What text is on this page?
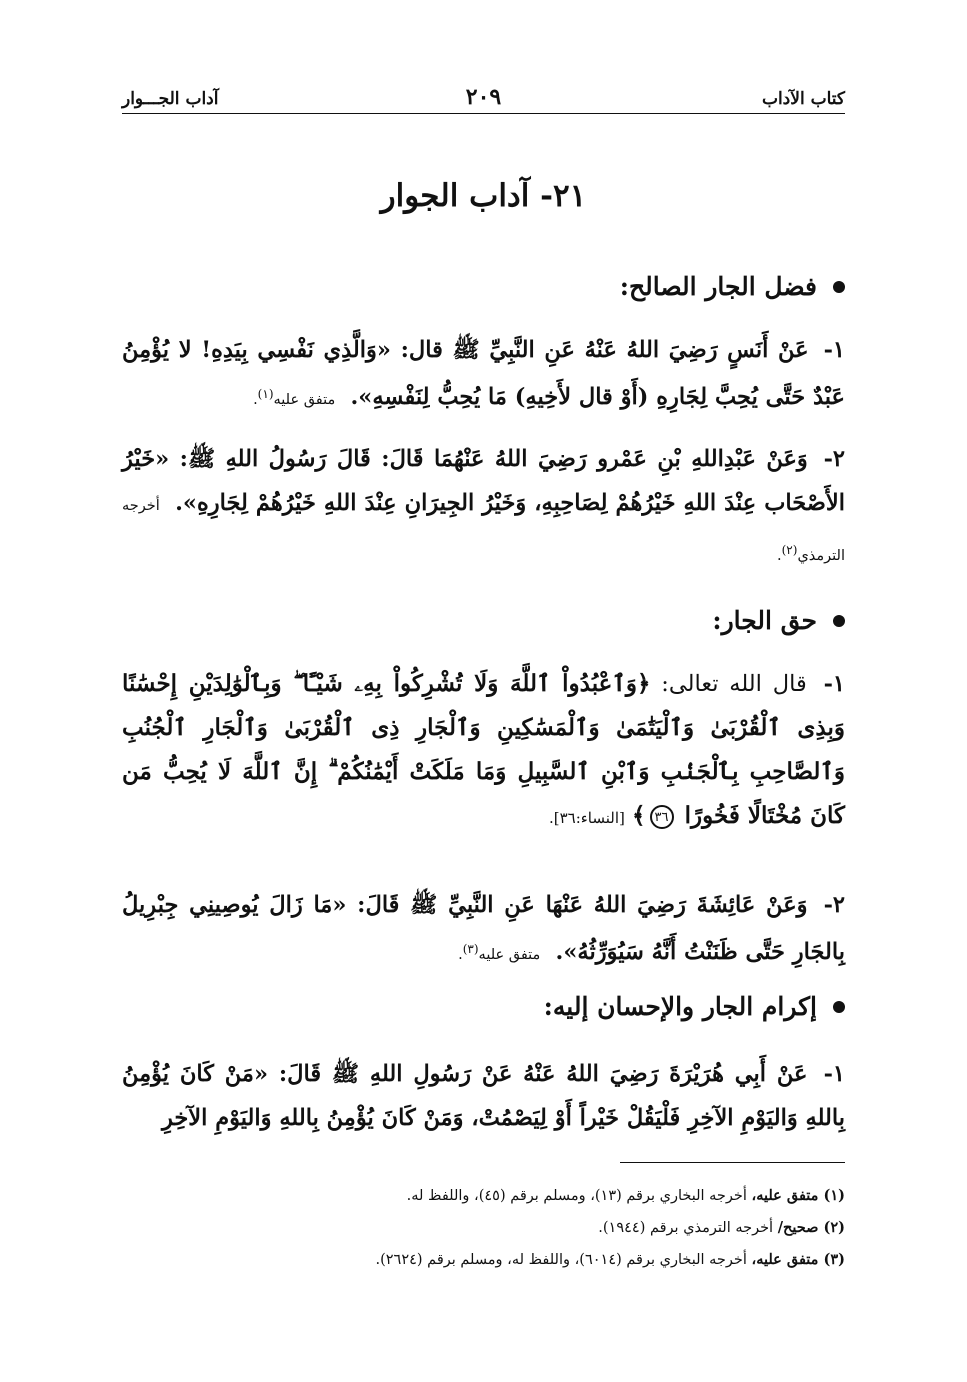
كتاب الآداب
٢٠٩
آداب الجـــوار
٢١- آداب الجوار
فضل الجار الصالح:
١- عَنْ أَنَسٍ رَضِيَ اللهُ عَنْهُ عَنِ النَّبِيِّ ﷺ قال: «وَالَّذِي نَفْسِي بِيَدِهِ! لا يُؤْمِنُ عَبْدٌ حَتَّى يُحِبَّ لِجَارِهِ (أَوْ قال لأَخِيهِ) مَا يُحِبُّ لِنَفْسِهِ». متفق عليه$^{(١)}$.
٢- وَعَنْ عَبْدِاللهِ بْنِ عَمْرو رَضِيَ اللهُ عَنْهُمَا قَالَ: قَالَ رَسُولُ اللهِ ﷺ: «خَيْرُ الأَصْحَاب عِنْدَ اللهِ خَيْرُهُمْ لِصَاحِبِهِ، وَخَيْرُ الجِيرَانِ عِنْدَ اللهِ خَيْرُهُمْ لِجَارِهِ». أخرجه الترمذي$^{(٢)}$.
حق الجار:
١- قال الله تعالى: ﴿وَٱعْبُدُواْ ٱللَّهَ وَلَا تُشْرِكُواْ بِهِۦ شَيْـًٔا ۖ وَبِٱلْوَٰلِدَيْنِ إِحْسَٰنًا وَبِذِى ٱلْقُرْبَىٰ وَٱلْيَتَٰمَىٰ وَٱلْمَسَٰكِينِ وَٱلْجَارِ ذِى ٱلْقُرْبَىٰ وَٱلْجَارِ ٱلْجُنُبِ وَٱلصَّاحِبِ بِٱلْجَنۢبِ وَٱبْنِ ٱلسَّبِيلِ وَمَا مَلَكَتْ أَيْمَٰنُكُمْ ۗ إِنَّ ٱللَّهَ لَا يُحِبُّ مَن كَانَ مُخْتَالًا فَخُورًا ٣٦﴾ [النساء:٣٦].
٢- وَعَنْ عَائِشَةَ رَضِيَ اللهُ عَنْهَا عَنِ النَّبِيِّ ﷺ قَالَ: «مَا زَالَ يُوصِينِي جِبْرِيلُ بِالجَارِ حَتَّى ظَنَنْتُ أَنَّهُ سَيُوَرِّثُهُ». متفق عليه$^{(٣)}$.
إكرام الجار والإحسان إليه:
١- عَنْ أَبِي هُرَيْرَةَ رَضِيَ اللهُ عَنْهُ عَنْ رَسُولِ اللهِ ﷺ قَالَ: «مَنْ كَانَ يُؤْمِنُ بِاللهِ وَاليَوْمِ الآخِرِ فَلْيَقُلْ خَيْراً أَوْ لِيَصْمُتْ، وَمَنْ كَانَ يُؤْمِنُ بِاللهِ وَاليَوْمِ الآخِرِ
(١) متفق عليه، أخرجه البخاري برقم (١٣)، ومسلم برقم (٤٥)، واللفظ له.
(٢) صحيح/ أخرجه الترمذي برقم (١٩٤٤).
(٣) متفق عليه، أخرجه البخاري برقم (٦٠١٤)، واللفظ له، ومسلم برقم (٢٦٢٤).
